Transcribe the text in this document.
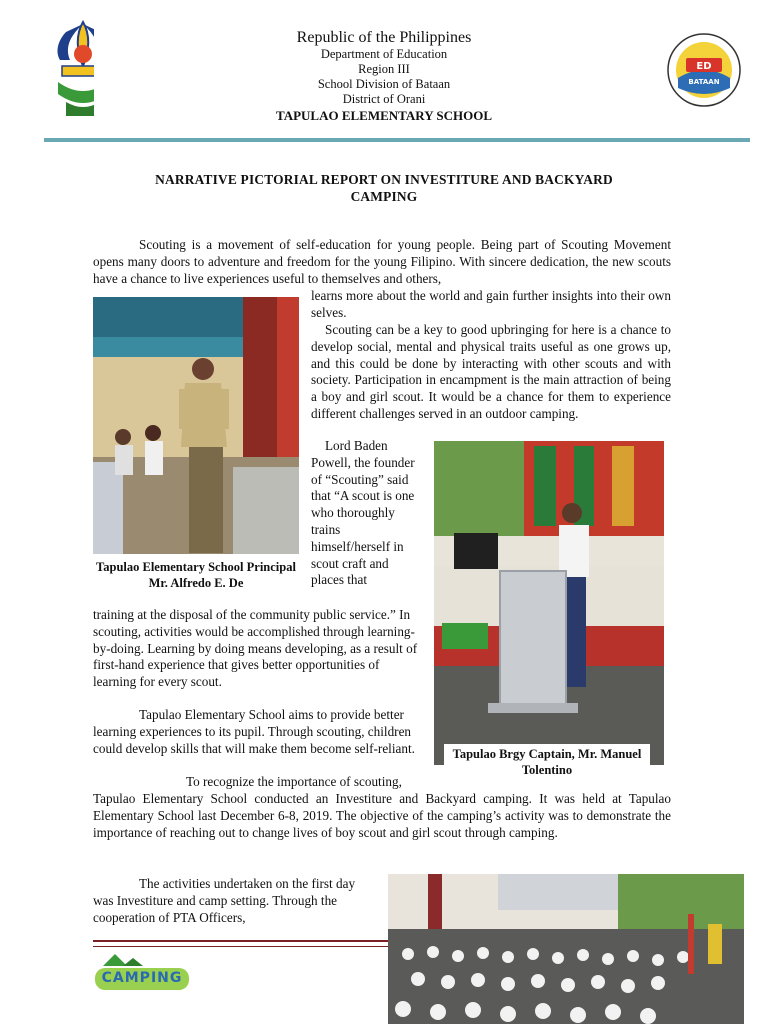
Republic of the Philippines
Department of Education
Region III
School Division of Bataan
District of Orani
TAPULAO ELEMENTARY SCHOOL
ED
BATAAN
NARRATIVE PICTORIAL REPORT ON INVESTITURE AND BACKYARD
CAMPING
Scouting is a movement of self-education for young people. Being part of Scouting Movement opens many doors to adventure and freedom for the young Filipino. With sincere dedication, the new scouts have a chance to live experiences useful to themselves and others,
learns more about the world and gain further insights into their own selves.
Tapulao Elementary School Principal Mr. Alfredo E. De
Scouting can be a key to good upbringing for here is a chance to develop social, mental and physical traits useful as one grows up, and this could be done by interacting with other scouts and with society. Participation in encampment is the main attraction of being a boy and girl scout. It would be a chance for them to experience different challenges served in an outdoor camping.
Lord Baden Powell, the founder of “Scouting” said that “A scout is one who thoroughly trains himself/herself in scout craft and places that
Tapulao Brgy Captain, Mr. Manuel Tolentino
training at the disposal of the community public service.” In scouting, activities would be accomplished through learning-by-doing. Learning by doing means developing, as a result of first-hand experience that gives better opportunities of learning for every scout.
Tapulao Elementary School aims to provide better learning experiences to its pupil. Through scouting, children could develop skills that will make them become self-reliant.
To recognize the importance of scouting,
Tapulao Elementary School conducted an Investiture and Backyard camping. It was held at Tapulao Elementary School last December 6-8, 2019. The objective of the camping’s activity was to demonstrate the importance of reaching out to change lives of boy scout and girl scout through camping.
The activities undertaken on the first day was Investiture and camp setting. Through the cooperation of PTA Officers,
CAMPING
